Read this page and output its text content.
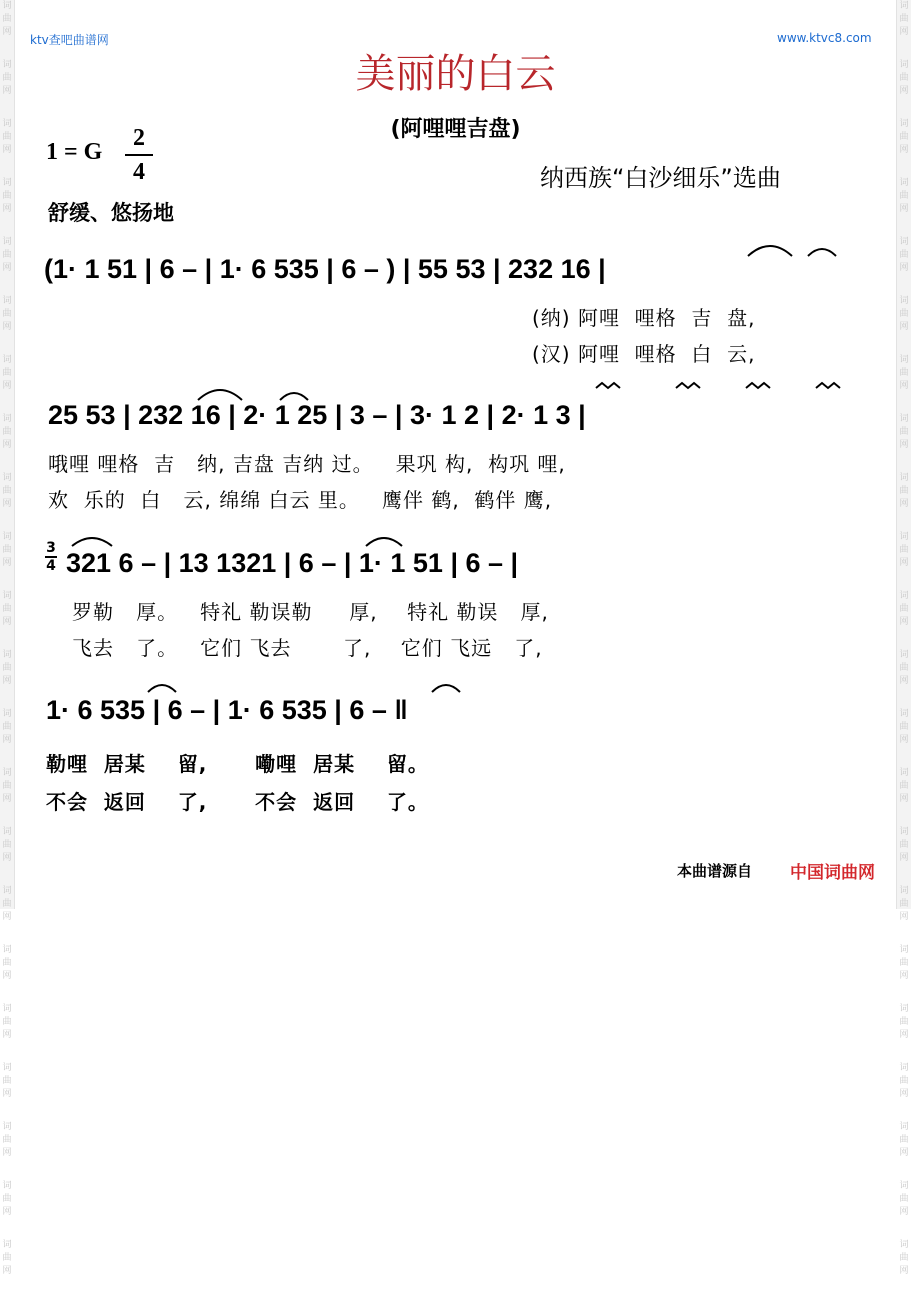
词
曲
网
词
曲
网
词
曲
网
词
曲
网
词
曲
网
词
曲
网
词
曲
网
词
曲
网
词
曲
网
词
曲
网
词
曲
网
词
曲
网
词
曲
网
词
曲
网
词
曲
网
词
曲
网
词
曲
网
词
曲
网
词
曲
网
词
曲
网
词
曲
网
词
曲
网
词
曲
网
词
曲
网
词
曲
网
词
曲
网
词
曲
网
词
曲
网
词
曲
网
词
曲
网
词
曲
网
词
曲
网
词
曲
网
词
曲
网
词
曲
网
词
曲
网
词
曲
网
词
曲
网
词
曲
网
词
曲
网
词
曲
网
词
曲
网
词
曲
网
词
曲
网
ktv查吧曲谱网	www.ktvc8.com
美丽的白云
(阿哩哩吉盘)
1 = G
2
4	纳西族“白沙细乐”选曲
舒缓、悠扬地
(1· 1 51 | 6 – | 1· 6 535 | 6 – ) | 55 53 | 232 16 |
(纳) 阿哩  哩格  吉  盘,
(汉) 阿哩  哩格  白  云,
25 53 | 232 16 | 2· 1 25 | 3 – | 3· 1 2 | 2· 1 3 |
哦哩 哩格  吉   纳, 吉盘 吉纳 过。   果巩 构,  构巩 哩,
欢  乐的  白   云, 绵绵 白云 里。   鹰伴 鹤,  鹤伴 鹰,
3
4 321 6 – | 13 1321 | 6 – | 1· 1 51 | 6 – |
罗勒   厚。   特礼 勒误勒     厚,    特礼 勒误   厚,
飞去   了。   它们 飞去       了,    它们 飞远   了,
1· 6 535 | 6 – | 1· 6 535 | 6 – ‖
勒哩  居某    留,      嘞哩  居某    留。
不会  返回    了,      不会  返回    了。
本曲谱源自 中国词曲网
